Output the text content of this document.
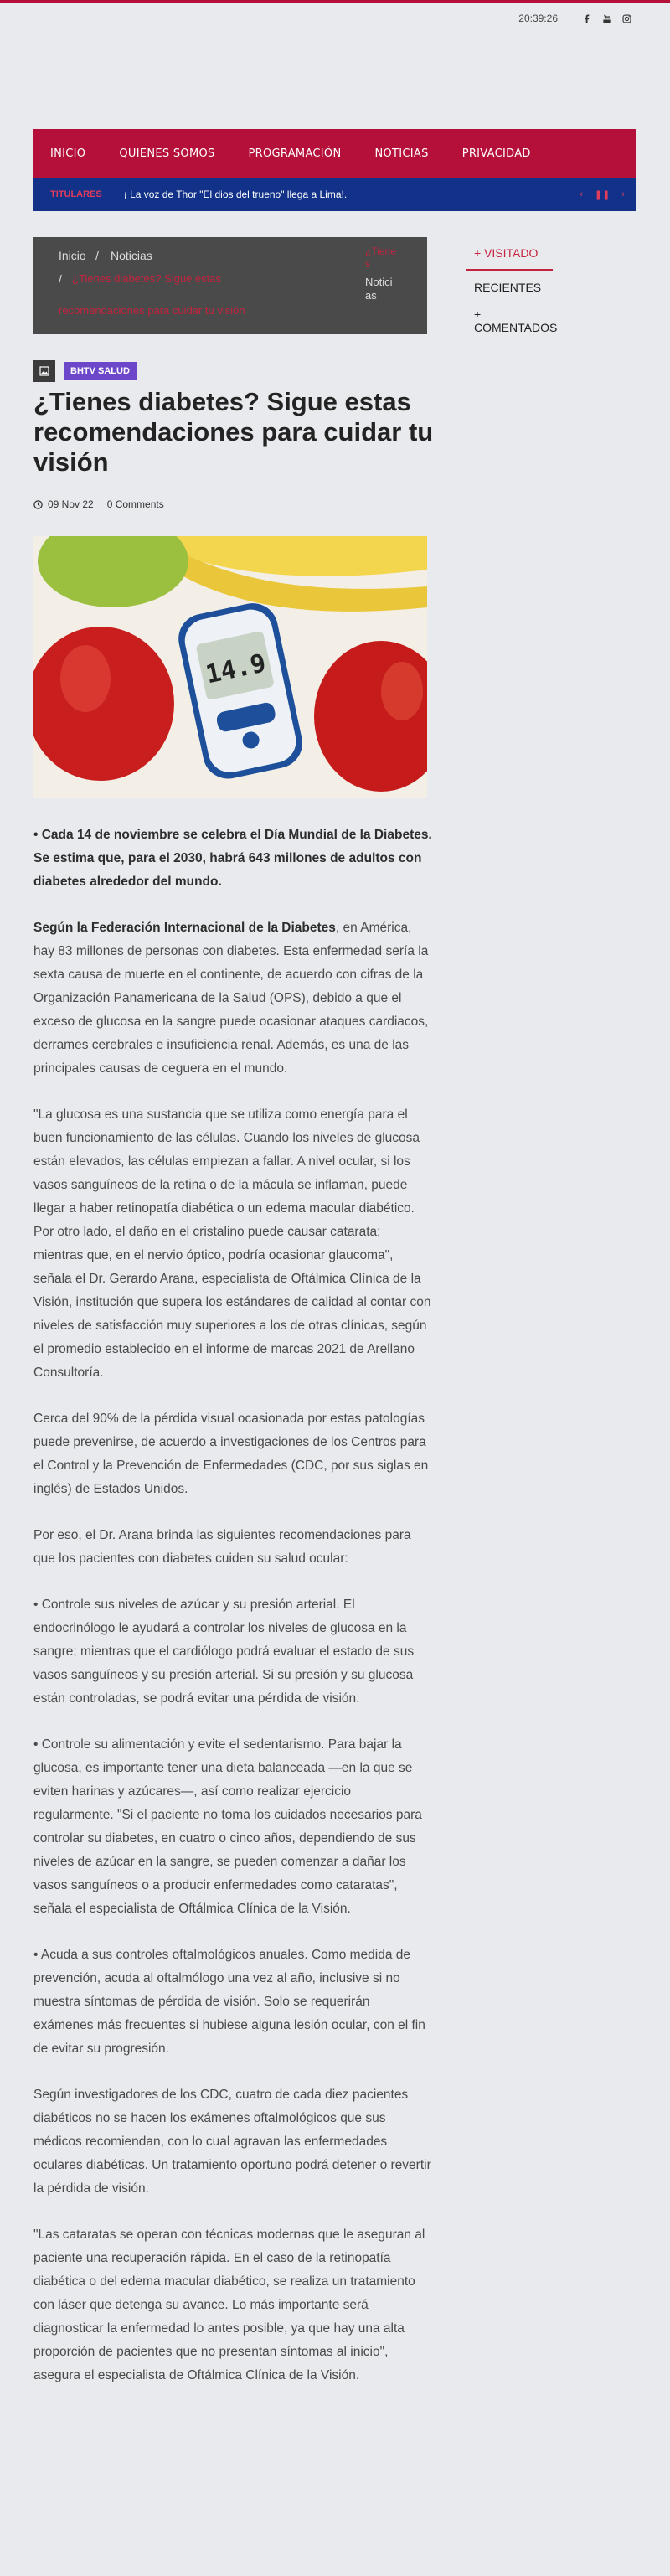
20:39:26
INICIO	QUIENES SOMOS	PROGRAMACIÓN	NOTICIAS	PRIVACIDAD
TITULARES ¡ La voz de Thor "El dios del trueno" llega a Lima!.	‹ ❚❚ ›
Inicio / Noticias
/ ¿Tienes diabetes? Sigue estas
recomendaciones para cuidar tu visión
¿Tiene s
Notici as
+ VISITADO
RECIENTES
+ COMENTADOS
BHTV SALUD
¿Tienes diabetes? Sigue estas recomendaciones para cuidar tu visión
09 Nov 22 0 Comments
14.9

• Cada 14 de noviembre se celebra el Día Mundial de la Diabetes. Se estima que, para el 2030, habrá 643 millones de adultos con diabetes alrededor del mundo.

Según la Federación Internacional de la Diabetes, en América, hay 83 millones de personas con diabetes. Esta enfermedad sería la sexta causa de muerte en el continente, de acuerdo con cifras de la Organización Panamericana de la Salud (OPS), debido a que el exceso de glucosa en la sangre puede ocasionar ataques cardiacos, derrames cerebrales e insuficiencia renal. Además, es una de las principales causas de ceguera en el mundo.

"La glucosa es una sustancia que se utiliza como energía para el buen funcionamiento de las células. Cuando los niveles de glucosa están elevados, las células empiezan a fallar. A nivel ocular, si los vasos sanguíneos de la retina o de la mácula se inflaman, puede llegar a haber retinopatía diabética o un edema macular diabético. Por otro lado, el daño en el cristalino puede causar catarata; mientras que, en el nervio óptico, podría ocasionar glaucoma", señala el Dr. Gerardo Arana, especialista de Oftálmica Clínica de la Visión, institución que supera los estándares de calidad al contar con niveles de satisfacción muy superiores a los de otras clínicas, según el promedio establecido en el informe de marcas 2021 de Arellano Consultoría.

Cerca del 90% de la pérdida visual ocasionada por estas patologías puede prevenirse, de acuerdo a investigaciones de los Centros para el Control y la Prevención de Enfermedades (CDC, por sus siglas en inglés) de Estados Unidos.

Por eso, el Dr. Arana brinda las siguientes recomendaciones para que los pacientes con diabetes cuiden su salud ocular:

• Controle sus niveles de azúcar y su presión arterial. El endocrinólogo le ayudará a controlar los niveles de glucosa en la sangre; mientras que el cardiólogo podrá evaluar el estado de sus vasos sanguíneos y su presión arterial. Si su presión y su glucosa están controladas, se podrá evitar una pérdida de visión.

• Controle su alimentación y evite el sedentarismo. Para bajar la glucosa, es importante tener una dieta balanceada —en la que se eviten harinas y azúcares—, así como realizar ejercicio regularmente. "Si el paciente no toma los cuidados necesarios para controlar su diabetes, en cuatro o cinco años, dependiendo de sus niveles de azúcar en la sangre, se pueden comenzar a dañar los vasos sanguíneos o a producir enfermedades como cataratas", señala el especialista de Oftálmica Clínica de la Visión.

• Acuda a sus controles oftalmológicos anuales. Como medida de prevención, acuda al oftalmólogo una vez al año, inclusive si no muestra síntomas de pérdida de visión. Solo se requerirán exámenes más frecuentes si hubiese alguna lesión ocular, con el fin de evitar su progresión.

Según investigadores de los CDC, cuatro de cada diez pacientes diabéticos no se hacen los exámenes oftalmológicos que sus médicos recomiendan, con lo cual agravan las enfermedades oculares diabéticas. Un tratamiento oportuno podrá detener o revertir la pérdida de visión.

"Las cataratas se operan con técnicas modernas que le aseguran al paciente una recuperación rápida. En el caso de la retinopatía diabética o del edema macular diabético, se realiza un tratamiento con láser que detenga su avance. Lo más importante será diagnosticar la enfermedad lo antes posible, ya que hay una alta proporción de pacientes que no presentan síntomas al inicio", asegura el especialista de Oftálmica Clínica de la Visión.
